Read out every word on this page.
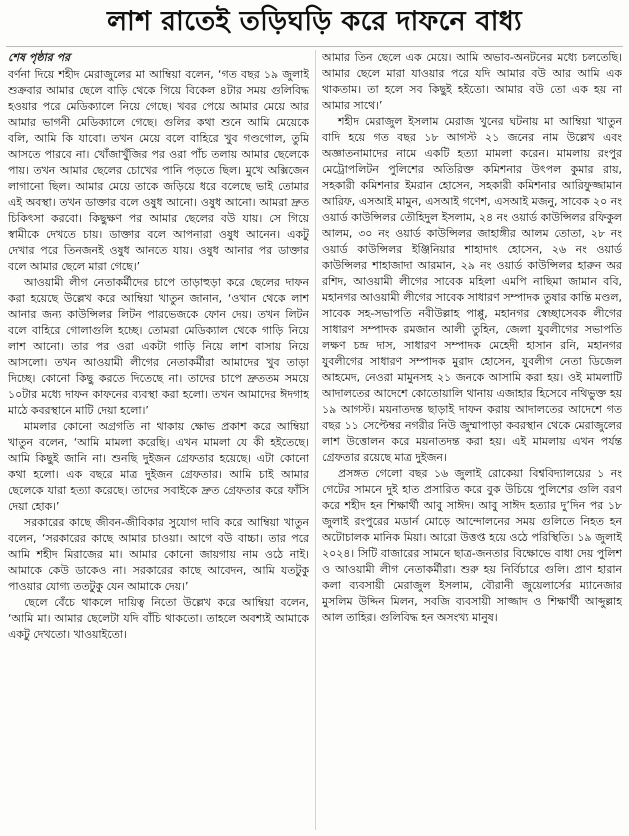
লাশ রাতেই তড়িঘড়ি করে দাফনে বাধ্য
শেষ পৃষ্ঠার পর

বর্ণনা দিয়ে শহীদ মেরাজুলের মা আম্বিয়া বলেন, ‘গত বছর ১৯ জুলাই শুক্রবার আমার ছেলে বাড়ি থেকে গিয়ে বিকেল ৪টার সময় গুলিবিদ্ধ হওয়ার পরে মেডিক্যালে নিয়ে গেছে। খবর পেয়ে আমার মেয়ে আর আমার ভাগনী মেডিক্যালে গেছে। গুলির কথা শুনে আমি মেয়েকে বলি, আমি কি যাবো। তখন মেয়ে বলে বাহিরে খুব গণ্ডগোল, তুমি আসতে পারবে না। খোঁজাখুঁজির পর ওরা পাঁচ তলায় আমার ছেলেকে পায়। তখন আমার ছেলের চোখের পানি পড়তে ছিল। মুখে অক্সিজেন লাগানো ছিল। আমার মেয়ে তাকে জড়িয়ে ধরে বলেছে ভাই তোমার এই অবস্থা। তখন ডাক্তার বলে ওষুধ আনো। ওষুধ আনো। আমরা দ্রুত চিকিৎসা করবো। কিছুক্ষণ পর আমার ছেলের বউ যায়। সে গিয়ে স্বামীকে দেখতে চায়। ডাক্তার বলে আপনারা ওষুধ আনেন। একটু দেখার পরে তিনজনই ওষুধ আনতে যায়। ওষুধ আনার পর ডাক্তার বলে আমার ছেলে মারা গেছে।’

আওয়ামী লীগ নেতাকর্মীদের চাপে তাড়াহুড়া করে ছেলের দাফন করা হয়েছে উল্লেখ করে আম্বিয়া খাতুন জানান, ‘ওখান থেকে লাশ আনার জন্য কাউন্সিলর লিটন পারভেজকে ফোন দেয়। তখন লিটন বলে বাহিরে গোলাগুলি হচ্ছে। তোমরা মেডিক্যাল থেকে গাড়ি নিয়ে লাশ আনো। তার পর ওরা একটা গাড়ি নিয়ে লাশ বাসায় নিয়ে আসলো। তখন আওয়ামী লীগের নেতাকর্মীরা আমাদের খুব তাড়া দিচ্ছে। কোনো কিছু করতে দিতেছে না। তাদের চাপে দ্রুততম সময়ে ১০টার মধ্যে দাফন কাফনের ব্যবস্থা করা হলো। তখন আমাদের ঈদগাহ মাঠে কবরস্থানে মাটি দেয়া হলো।’

মামলার কোনো অগ্রগতি না থাকায় ক্ষোভ প্রকাশ করে আম্বিয়া খাতুন বলেন, ‘আমি মামলা করেছি। এখন মামলা যে কী হইতেছে। আমি কিছুই জানি না। শুনছি দুইজন গ্রেফতার হয়েছে। এটা কোনো কথা হলো। এক বছরে মাত্র দুইজন গ্রেফতার। আমি চাই আমার ছেলেকে যারা হত্যা করেছে। তাদের সবাইকে দ্রুত গ্রেফতার করে ফাঁসি দেয়া হোক।’

সরকারের কাছে জীবন-জীবিকার সুযোগ দাবি করে আম্বিয়া খাতুন বলেন, ‘সরকারের কাছে আমার চাওয়া। আগে বউ বাচ্চা। তার পরে আমি শহীদ মিরাজের মা। আমার কোনো জায়গায় নাম ওঠে নাই। আমাকে কেউ ডাকেও না। সরকারের কাছে আবেদন, আমি যতটুকু পাওয়ার যোগ্য ততটুকু যেন আমাকে দেয়।’

ছেলে বেঁচে থাকলে দায়িত্ব নিতো উল্লেখ করে আম্বিয়া বলেন, ‘আমি মা। আমার ছেলেটা যদি বাঁচি থাকতো। তাহলে অবশ্যই আমাকে একটু দেখতো। খাওয়াইতো।

আমার তিন ছেলে এক মেয়ে। আমি অভাব-অনটনের মধ্যে চলতেছি। আমার ছেলে মারা যাওয়ার পরে যদি আমার বউ আর আমি এক থাকতাম। তা হলে সব কিছুই হইতো। আমার বউ তো এক হয় না আমার সাথে।’

শহীদ মেরাজুল ইসলাম মেরাজ খুনের ঘটনায় মা আম্বিয়া খাতুন বাদি হয়ে গত বছর ১৮ আগস্ট ২১ জনের নাম উল্লেখ এবং অজ্ঞাতনামাদের নামে একটি হত্যা মামলা করেন। মামলায় রংপুর মেট্রোপলিটন পুলিশের অতিরিক্ত কমিশনার উৎপল কুমার রায়, সহকারী কমিশনার ইমরান হোসেন, সহকারী কমিশনার আরিফুজ্জামান আরিফ, এসআই মামুন, এসআই গণেশ, এসআই মজনু, সাবেক ২০ নং ওয়ার্ড কাউন্সিলর তৌহিদুল ইসলাম, ২৪ নং ওয়ার্ড কাউন্সিলর রফিকুল আলম, ৩০ নং ওয়ার্ড কাউন্সিলর জাহাঙ্গীর আলম তোতা, ২৮ নং ওয়ার্ড কাউন্সিলর ইঞ্জিনিয়ার শাহাদাৎ হোসেন, ২৬ নং ওয়ার্ড কাউন্সিলর শাহাজাদা আরমান, ২৯ নং ওয়ার্ড কাউন্সিলর হারুন অর রশিদ, আওয়ামী লীগের সাবেক মহিলা এমপি নাছিমা জামান ববি, মহানগর আওয়ামী লীগের সাবেক সাধারণ সম্পাদক তুষার কান্তি মণ্ডল, সাবেক সহ-সভাপতি নবীউল্লাহ পাপ্পু, মহানগর স্বেচ্ছাসেবক লীগের সাধারণ সম্পাদক রমজান আলী তুহিন, জেলা যুবলীগের সভাপতি লক্ষণ চন্দ্র দাস, সাধারণ সম্পাদক মেহেদী হাসান রনি, মহানগর যুবলীগের সাধারণ সম্পাদক মুরাদ হোসেন, যুবলীগ নেতা ডিজেল আহমেদ, নেওরা মামুনসহ ২১ জনকে আসামি করা হয়। ওই মামলাটি আদালতের আদেশে কোতোয়ালি থানায় এজাহার হিসেবে নথিভুক্ত হয় ১৯ আগস্ট। ময়নাতদন্ত ছাড়াই দাফন করায় আদালতের আদেশে গত বছর ১১ সেপ্টেম্বর নগরীর নিউ জুম্মাপাড়া কবরস্থান থেকে মেরাজুলের লাশ উত্তোলন করে ময়নাতদন্ত করা হয়। এই মামলায় এখন পর্যন্ত গ্রেফতার রয়েছে মাত্র দুইজন।

প্রসঙ্গত গেলো বছর ১৬ জুলাই রোকেয়া বিশ্ববিদ্যালয়ের ১ নং গেটের সামনে দুই হাত প্রসারিত করে বুক উচিয়ে পুলিশের গুলি বরণ করে শহীদ হন শিক্ষার্থী আবু সাঈদ। আবু সাঈদ হত্যার দু’দিন পর ১৮ জুলাই রংপুরের মডার্ন মোড়ে আন্দোলনের সময় গুলিতে নিহত হন অটোচালক মানিক মিয়া। আরো উত্তপ্ত হয়ে ওঠে পরিস্থিতি। ১৯ জুলাই ২০২৪। সিটি বাজারের সামনে ছাত্র-জনতার বিক্ষোভে বাধা দেয় পুলিশ ও আওয়ামী লীগ নেতাকর্মীরা। শুরু হয় নির্বিচারে গুলি। প্রাণ হারান কলা ব্যবসায়ী মেরাজুল ইসলাম, বৌরানী জুয়েলার্সের ম্যানেজার মুসলিম উদ্দিন মিলন, সবজি ব্যবসায়ী সাজ্জাদ ও শিক্ষার্থী আব্দুল্লাহ আল তাহির। গুলিবিদ্ধ হন অসংখ্য মানুষ।
